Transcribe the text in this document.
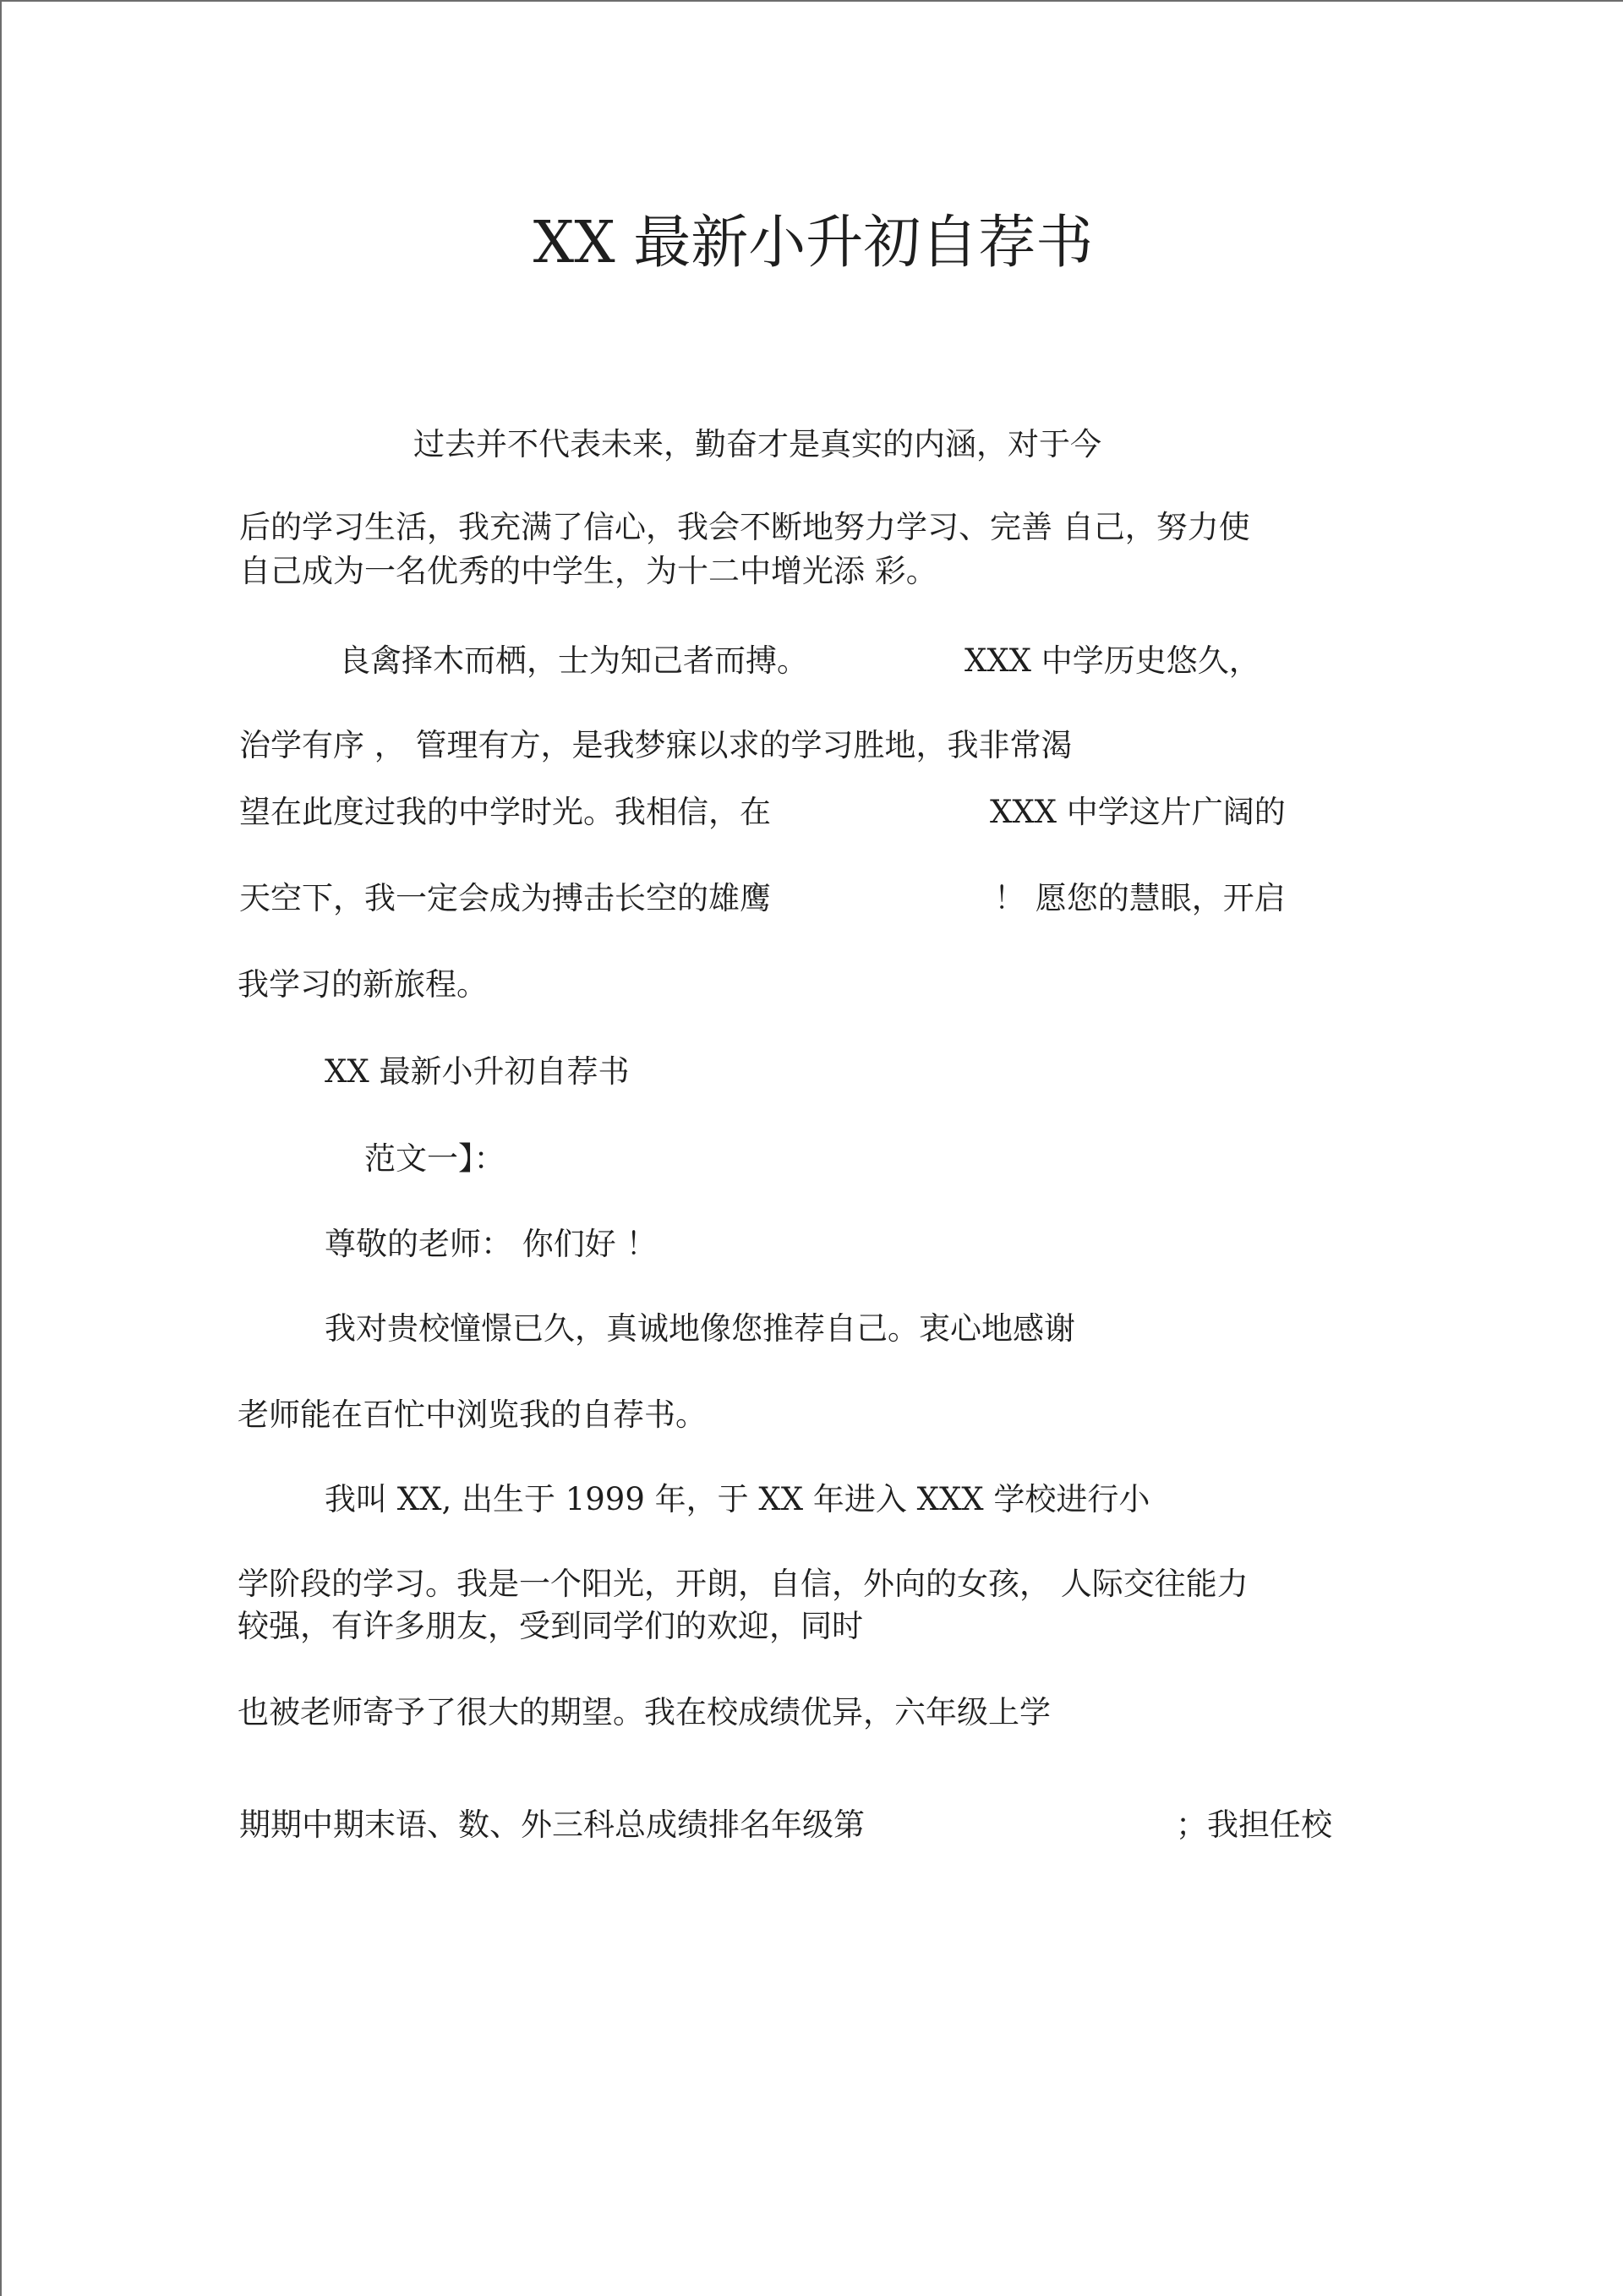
XX 最新小升初自荐书
过去并不代表未来，勤奋才是真实的内涵，对于今
后的学习生活，我充满了信心，我会不断地努力学习、完善 自己，努力使
自己成为一名优秀的中学生，为十二中增光添 彩。
良禽择木而栖，士为知己者而搏。	XXX 中学历史悠久，
治学有序 ， 管理有方，是我梦寐以求的学习胜地，我非常渴
望在此度过我的中学时光。我相信，在	XXX 中学这片广阔的
天空下，我一定会成为搏击长空的雄鹰	！ 愿您的慧眼，开启
我学习的新旅程。
XX 最新小升初自荐书
范文一】：
尊敬的老师： 你们好 ！
我对贵校憧憬已久，真诚地像您推荐自己。衷心地感谢
老师能在百忙中浏览我的自荐书。
我叫 XX, 出生于 1999 年，于 XX 年进入 XXX 学校进行小
学阶段的学习。我是一个阳光，开朗，自信，外向的女孩， 人际交往能力
较强，有许多朋友，受到同学们的欢迎，同时
也被老师寄予了很大的期望。我在校成绩优异，六年级上学
期期中期末语、数、外三科总成绩排名年级第	；我担任校
